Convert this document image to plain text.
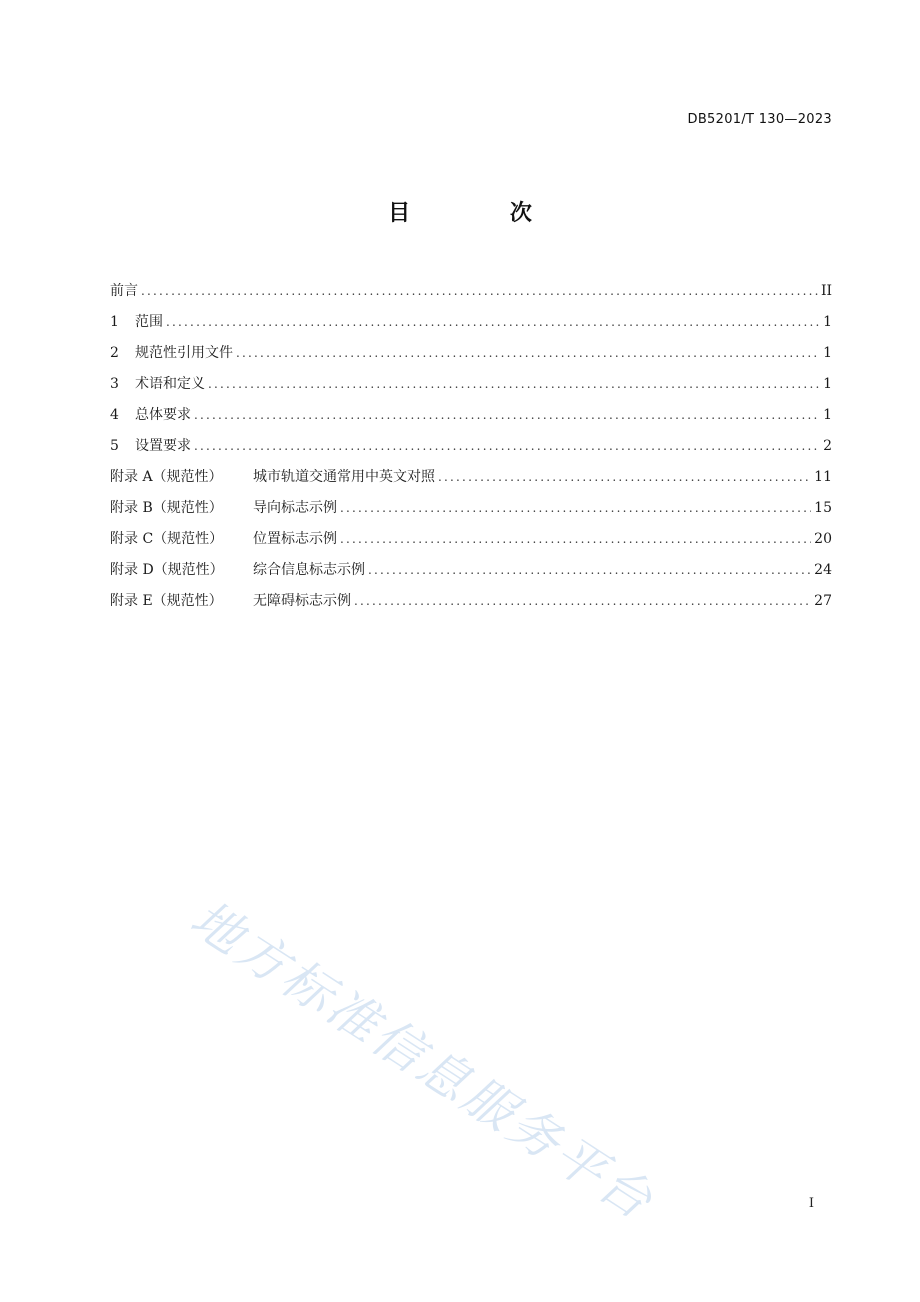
DB5201/T 130—2023
目 次
前言 .....	II
1	范围 .....	1
2	规范性引用文件 .....	1
3	术语和定义 .....	1
4	总体要求 .....	1
5	设置要求 .....	2
附录 A（规范性）	城市轨道交通常用中英文对照 .....	11
附录 B（规范性）	导向标志示例 .....	15
附录 C（规范性）	位置标志示例 .....	20
附录 D（规范性）	综合信息标志示例 .....	24
附录 E（规范性）	无障碍标志示例 .....	27
地方标准信息服务平台	I
